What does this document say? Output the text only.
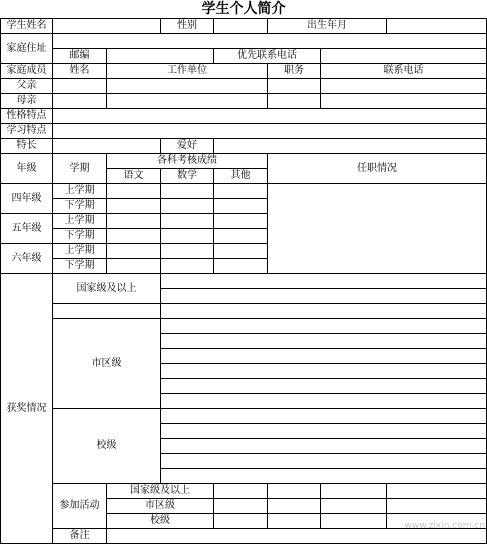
学生个人简介
学生姓名			性别		出生年月			
家庭住址								
	邮编			优先联系电话				
家庭成员	姓名	工作单位			职务	联系电话		
父亲								
母亲								
性格特点								
学习特点								
特长			爱好					
年级	学期	各科考核成绩			任职情况			
		语文	数学	其他				
四年级	上学期							
	下学期							
五年级	上学期							
	下学期							
六年级	上学期							
	下学期							
获奖情况	国家级及以上							

	市区级							

	校级							

	参加活动	国家级及以上						
		市区级						
		校级						
	备注							
www.zixin.com.cn
